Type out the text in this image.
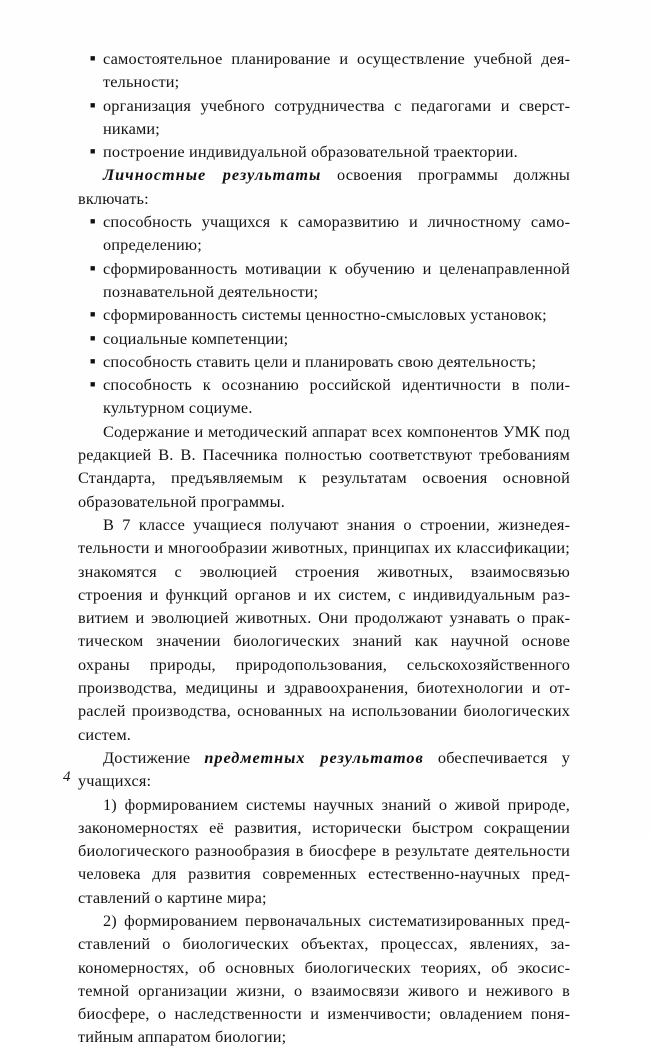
■ самостоятельное планирование и осуществление учебной деятельности;
■ организация учебного сотрудничества с педагогами и сверстниками;
■ построение индивидуальной образовательной траектории.

Личностные результаты освоения программы должны включать:

■ способность учащихся к саморазвитию и личностному самоопределению;
■ сформированность мотивации к обучению и целенаправленной познавательной деятельности;
■ сформированность системы ценностно-смысловых установок;
■ социальные компетенции;
■ способность ставить цели и планировать свою деятельность;
■ способность к осознанию российской идентичности в поликультурном социуме.

Содержание и методический аппарат всех компонентов УМК под редакцией В. В. Пасечника полностью соответствуют требованиям Стандарта, предъявляемым к результатам освоения основной образовательной программы.

В 7 классе учащиеся получают знания о строении, жизнедеятельности и многообразии животных, принципах их классификации; знакомятся с эволюцией строения животных, взаимосвязью строения и функций органов и их систем, с индивидуальным развитием и эволюцией животных. Они продолжают узнавать о практическом значении биологических знаний как научной основе охраны природы, природопользования, сельскохозяйственного производства, медицины и здравоохранения, биотехнологии и отраслей производства, основанных на использовании биологических систем.

Достижение предметных результатов обеспечивается у учащихся:

1) формированием системы научных знаний о живой природе, закономерностях её развития, исторически быстром сокращении биологического разнообразия в биосфере в результате деятельности человека для развития современных естественно-научных представлений о картине мира;

2) формированием первоначальных систематизированных представлений о биологических объектах, процессах, явлениях, закономерностях, об основных биологических теориях, об экосистемной организации жизни, о взаимосвязи живого и неживого в биосфере, о наследственности и изменчивости; овладением понятийным аппаратом биологии;

4
